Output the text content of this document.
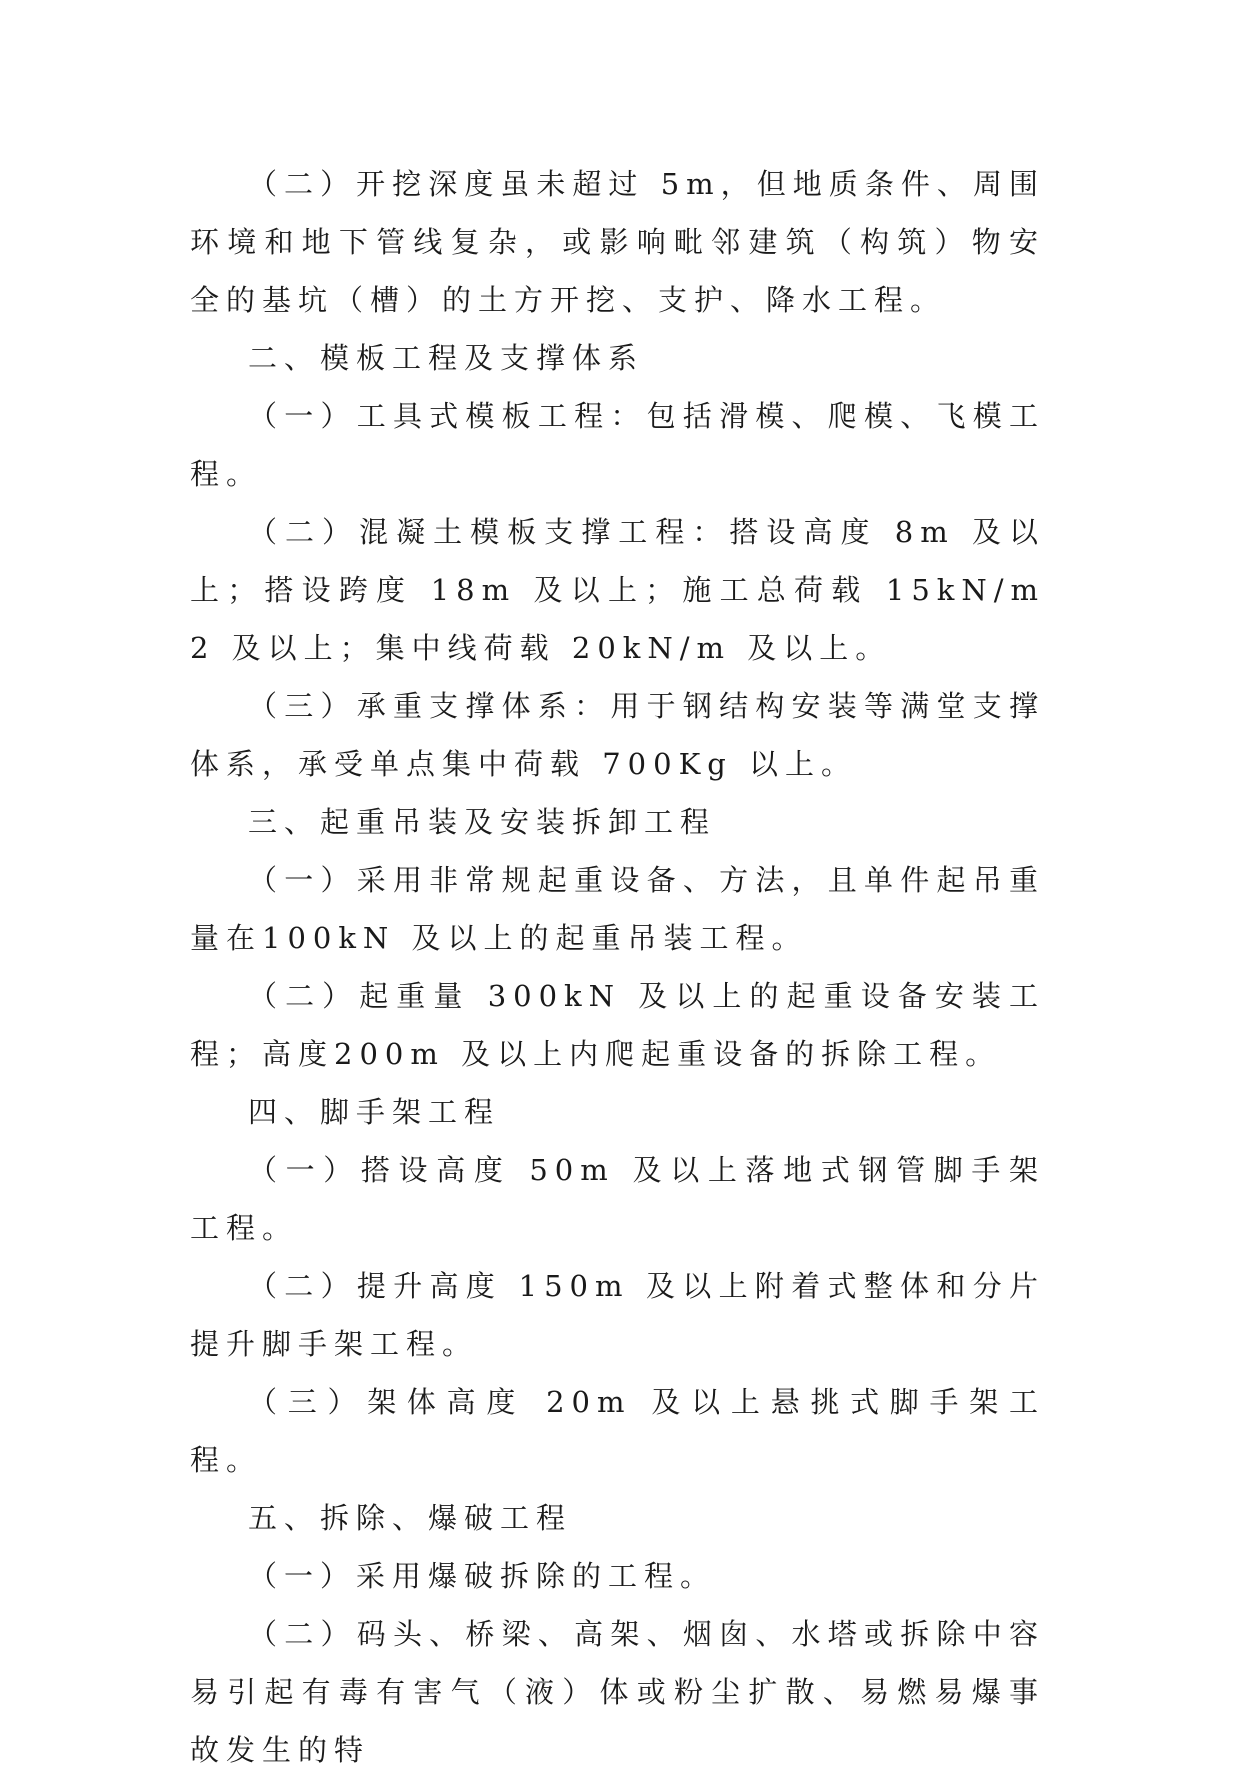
（二）开挖深度虽未超过 5m，但地质条件、周围环境和地下管线复杂，或影响毗邻建筑（构筑）物安全的基坑（槽）的土方开挖、支护、降水工程。

二、模板工程及支撑体系

（一）工具式模板工程：包括滑模、爬模、飞模工程。

（二）混凝土模板支撑工程：搭设高度 8m 及以上；搭设跨度 18m 及以上；施工总荷载 15kN/m2 及以上；集中线荷载 20kN/m 及以上。

（三）承重支撑体系：用于钢结构安装等满堂支撑体系，承受单点集中荷载 700Kg 以上。

三、起重吊装及安装拆卸工程

（一）采用非常规起重设备、方法，且单件起吊重量在100kN 及以上的起重吊装工程。

（二）起重量 300kN 及以上的起重设备安装工程；高度200m 及以上内爬起重设备的拆除工程。

四、脚手架工程

（一）搭设高度 50m 及以上落地式钢管脚手架工程。

（二）提升高度 150m 及以上附着式整体和分片提升脚手架工程。

（三）架体高度 20m 及以上悬挑式脚手架工程。

五、拆除、爆破工程

（一）采用爆破拆除的工程。

（二）码头、桥梁、高架、烟囱、水塔或拆除中容易引起有毒有害气（液）体或粉尘扩散、易燃易爆事故发生的特
